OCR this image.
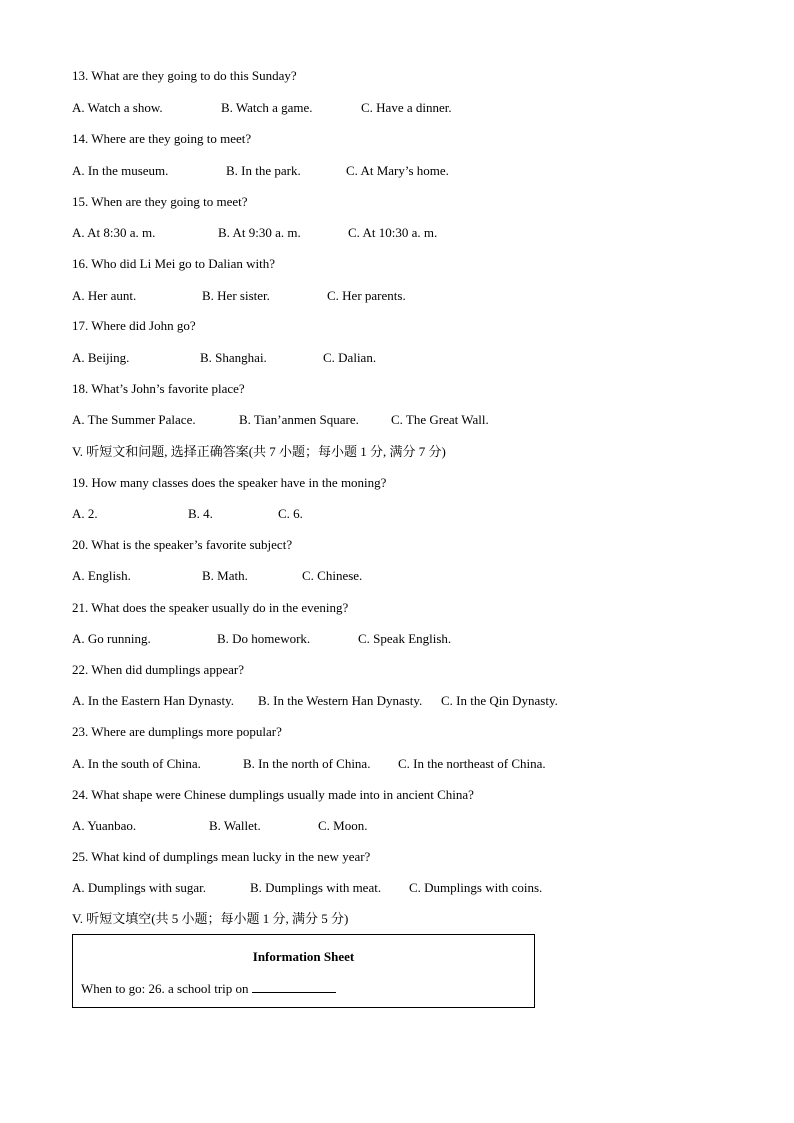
13. What are they going to do this Sunday?
A. Watch a show.	B. Watch a game.	C. Have a dinner.
14. Where are they going to meet?
A. In the museum.	B. In the park.	C. At Mary’s home.
15. When are they going to meet?
A. At 8:30 a. m.	B. At 9:30 a. m.	C. At 10:30 a. m.
16. Who did Li Mei go to Dalian with?
A. Her aunt.	B. Her sister.	C. Her parents.
17. Where did John go?
A. Beijing.	B. Shanghai.	C. Dalian.
18. What’s John’s favorite place?
A. The Summer Palace.	B. Tian’anmen Square. C. The Great Wall.
V. 听短文和问题, 选择正确答案(共 7 小题；每小题 1 分, 满分 7 分)
19. How many classes does the speaker have in the moning?
A. 2.	B. 4.	C. 6.
20. What is the speaker’s favorite subject?
A. English.	B. Math.	C. Chinese.
21. What does the speaker usually do in the evening?
A. Go running.	B. Do homework.	C. Speak English.
22. When did dumplings appear?
A. In the Eastern Han Dynasty. B. In the Western Han Dynasty. C. In the Qin Dynasty.
23. Where are dumplings more popular?
A. In the south of China.	B. In the north of China. C. In the northeast of China.
24. What shape were Chinese dumplings usually made into in ancient China?
A. Yuanbao.	B. Wallet.	C. Moon.
25. What kind of dumplings mean lucky in the new year?
A. Dumplings with sugar.	B. Dumplings with meat. C. Dumplings with coins.
V. 听短文填空(共 5 小题；每小题 1 分, 满分 5 分)
Information Sheet
When to go: 26. a school trip on
